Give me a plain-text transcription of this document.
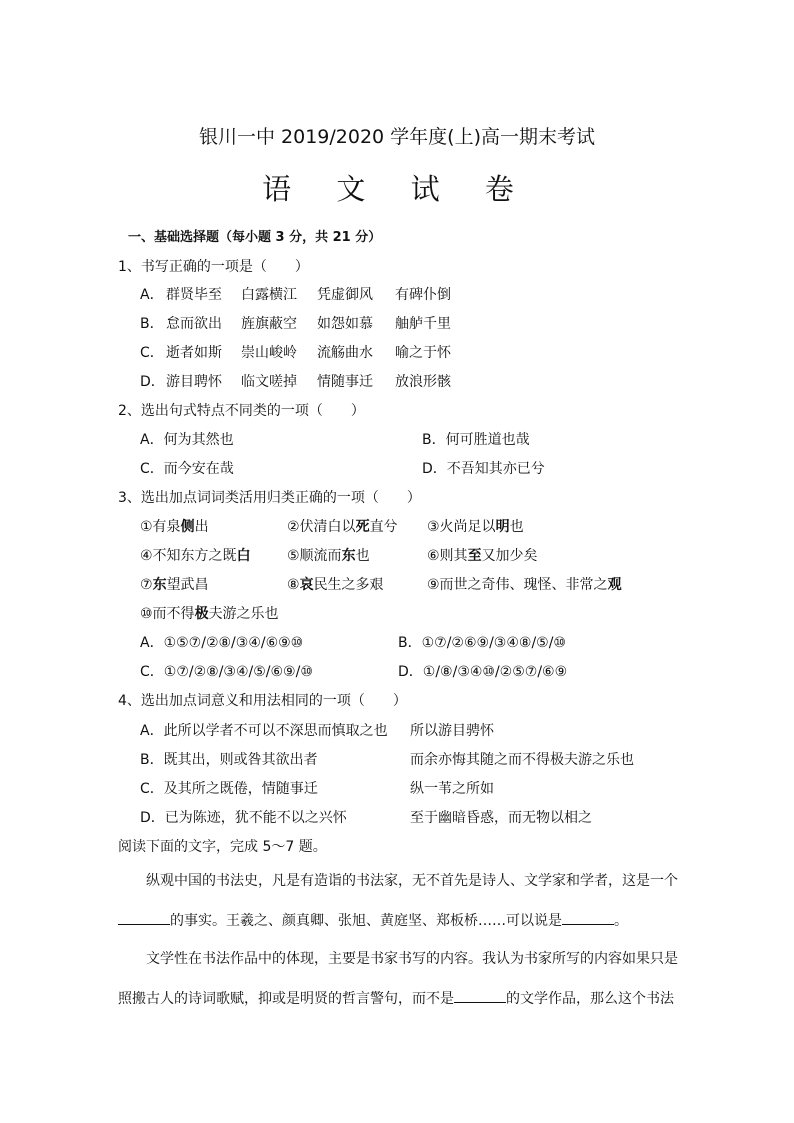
银川一中 2019/2020 学年度(上)高一期末考试
语 文 试 卷
一、基础选择题（每小题 3 分，共 21 分）
1、书写正确的一项是（　　）
A． 群贤毕至 白露横江 凭虚御风 有碑仆倒
B． 怠而欲出 旌旗蔽空 如怨如慕 舳舻千里
C． 逝者如斯 崇山峻岭 流觞曲水 喻之于怀
D． 游目聘怀 临文嗟掉 情随事迁 放浪形骸
2、选出句式特点不同类的一项（　　）
A．何为其然也	B．何可胜道也哉
C．而今安在哉	D．不吾知其亦已兮
3、选出加点词词类活用归类正确的一项（　　）
①有泉侧出	②伏清白以死直兮 ③火尚足以明也
④不知东方之既白	⑤顺流而东也	⑥则其至又加少矣
⑦东望武昌	⑧哀民生之多艰	⑨而世之奇伟、瑰怪、非常之观
⑩而不得极夫游之乐也
A．①⑤⑦/②⑧/③④/⑥⑨⑩	B．①⑦/②⑥⑨/③④⑧/⑤/⑩
C．①⑦/②⑧/③④/⑤/⑥⑨/⑩	D．①/⑧/③④⑩/②⑤⑦/⑥⑨
4、选出加点词意义和用法相同的一项（　　）
A．此所以学者不可以不深思而慎取之也 所以游目骋怀
B．既其出，则或咎其欲出者	而余亦悔其随之而不得极夫游之乐也
C．及其所之既倦，情随事迁	纵一苇之所如
D．已为陈迹，犹不能不以之兴怀	至于幽暗昏惑，而无物以相之
阅读下面的文字，完成 5～7 题。
纵观中国的书法史，凡是有造诣的书法家，无不首先是诗人、文学家和学者，这是一个
的事实。王羲之、颜真卿、张旭、黄庭坚、郑板桥……可以说是	。
文学性在书法作品中的体现，主要是书家书写的内容。我认为书家所写的内容如果只是
照搬古人的诗词歌赋，抑或是明贤的哲言警句，而不是	的文学作品，那么这个书法
